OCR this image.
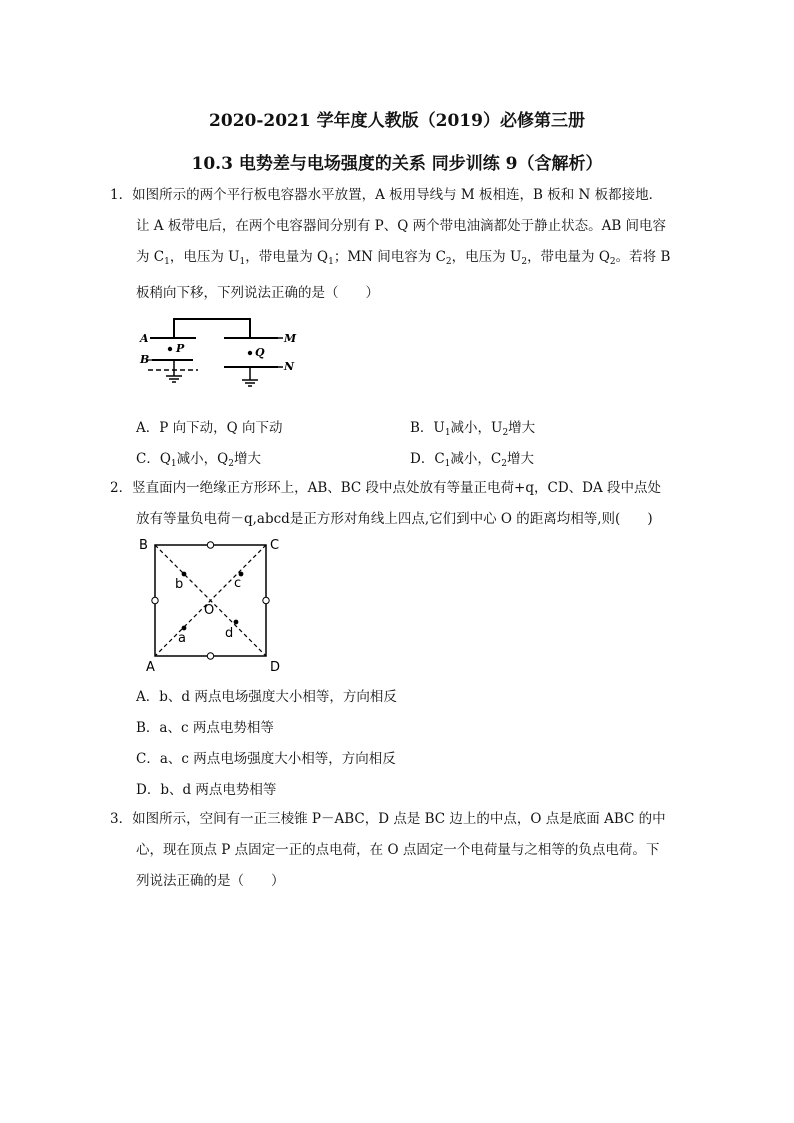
2020-2021 学年度人教版（2019）必修第三册
10.3 电势差与电场强度的关系 同步训练 9（含解析）
1．如图所示的两个平行板电容器水平放置，A 板用导线与 M 板相连，B 板和 N 板都接地．
让 A 板带电后，在两个电容器间分别有 P、Q 两个带电油滴都处于静止状态。AB 间电容
为 $C_1$，电压为 $U_1$，带电量为 $Q_1$；MN 间电容为 $C_2$，电压为 $U_2$，带电量为 $Q_2$。若将 B
板稍向下移，下列说法正确的是（　　）
A
B
M
N
P	Q
A．P 向下动，Q 向下动	B．$U_1$减小，$U_2$增大
C．$Q_1$减小，$Q_2$增大	D．$C_1$减小，$C_2$增大
2．竖直面内一绝缘正方形环上，AB、BC 段中点处放有等量正电荷+q，CD、DA 段中点处
放有等量负电荷－q,abcd是正方形对角线上四点,它们到中心 O 的距离均相等,则(　　)
B	C
A	D
b	c
a	d
O
A．b、d 两点电场强度大小相等，方向相反
B．a、c 两点电势相等
C．a、c 两点电场强度大小相等，方向相反
D．b、d 两点电势相等
3．如图所示，空间有一正三棱锥 P－ABC，D 点是 BC 边上的中点，O 点是底面 ABC 的中
心，现在顶点 P 点固定一正的点电荷，在 O 点固定一个电荷量与之相等的负点电荷。下
列说法正确的是（　　）
